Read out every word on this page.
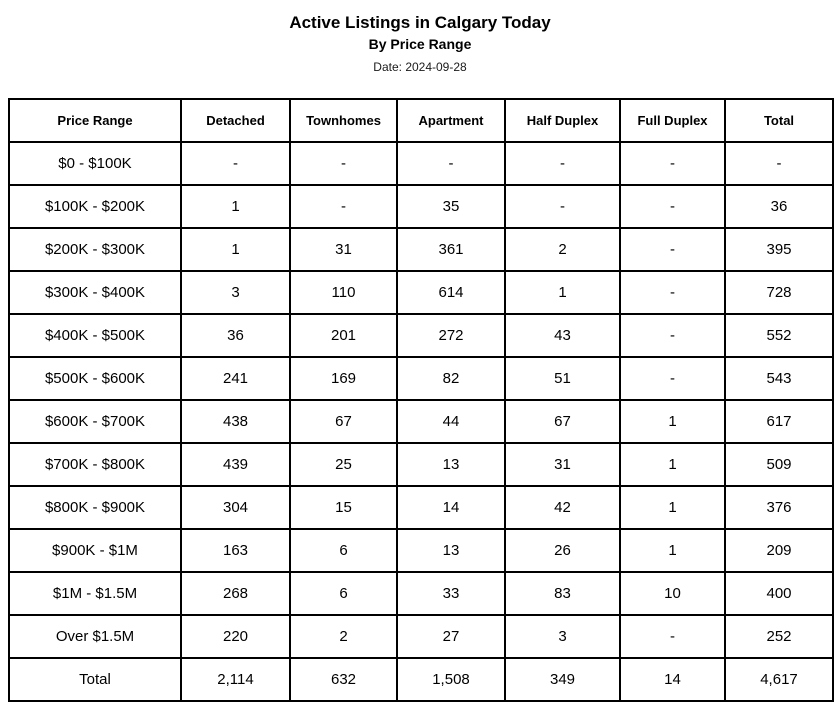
Active Listings in Calgary Today
By Price Range
Date: 2024-09-28
Price Range	Detached	Townhomes	Apartment	Half Duplex	Full Duplex	Total
$0 - $100K	-	-	-	-	-	-
$100K - $200K	1	-	35	-	-	36
$200K - $300K	1	31	361	2	-	395
$300K - $400K	3	110	614	1	-	728
$400K - $500K	36	201	272	43	-	552
$500K - $600K	241	169	82	51	-	543
$600K - $700K	438	67	44	67	1	617
$700K - $800K	439	25	13	31	1	509
$800K - $900K	304	15	14	42	1	376
$900K - $1M	163	6	13	26	1	209
$1M - $1.5M	268	6	33	83	10	400
Over $1.5M	220	2	27	3	-	252
Total	2,114	632	1,508	349	14	4,617
